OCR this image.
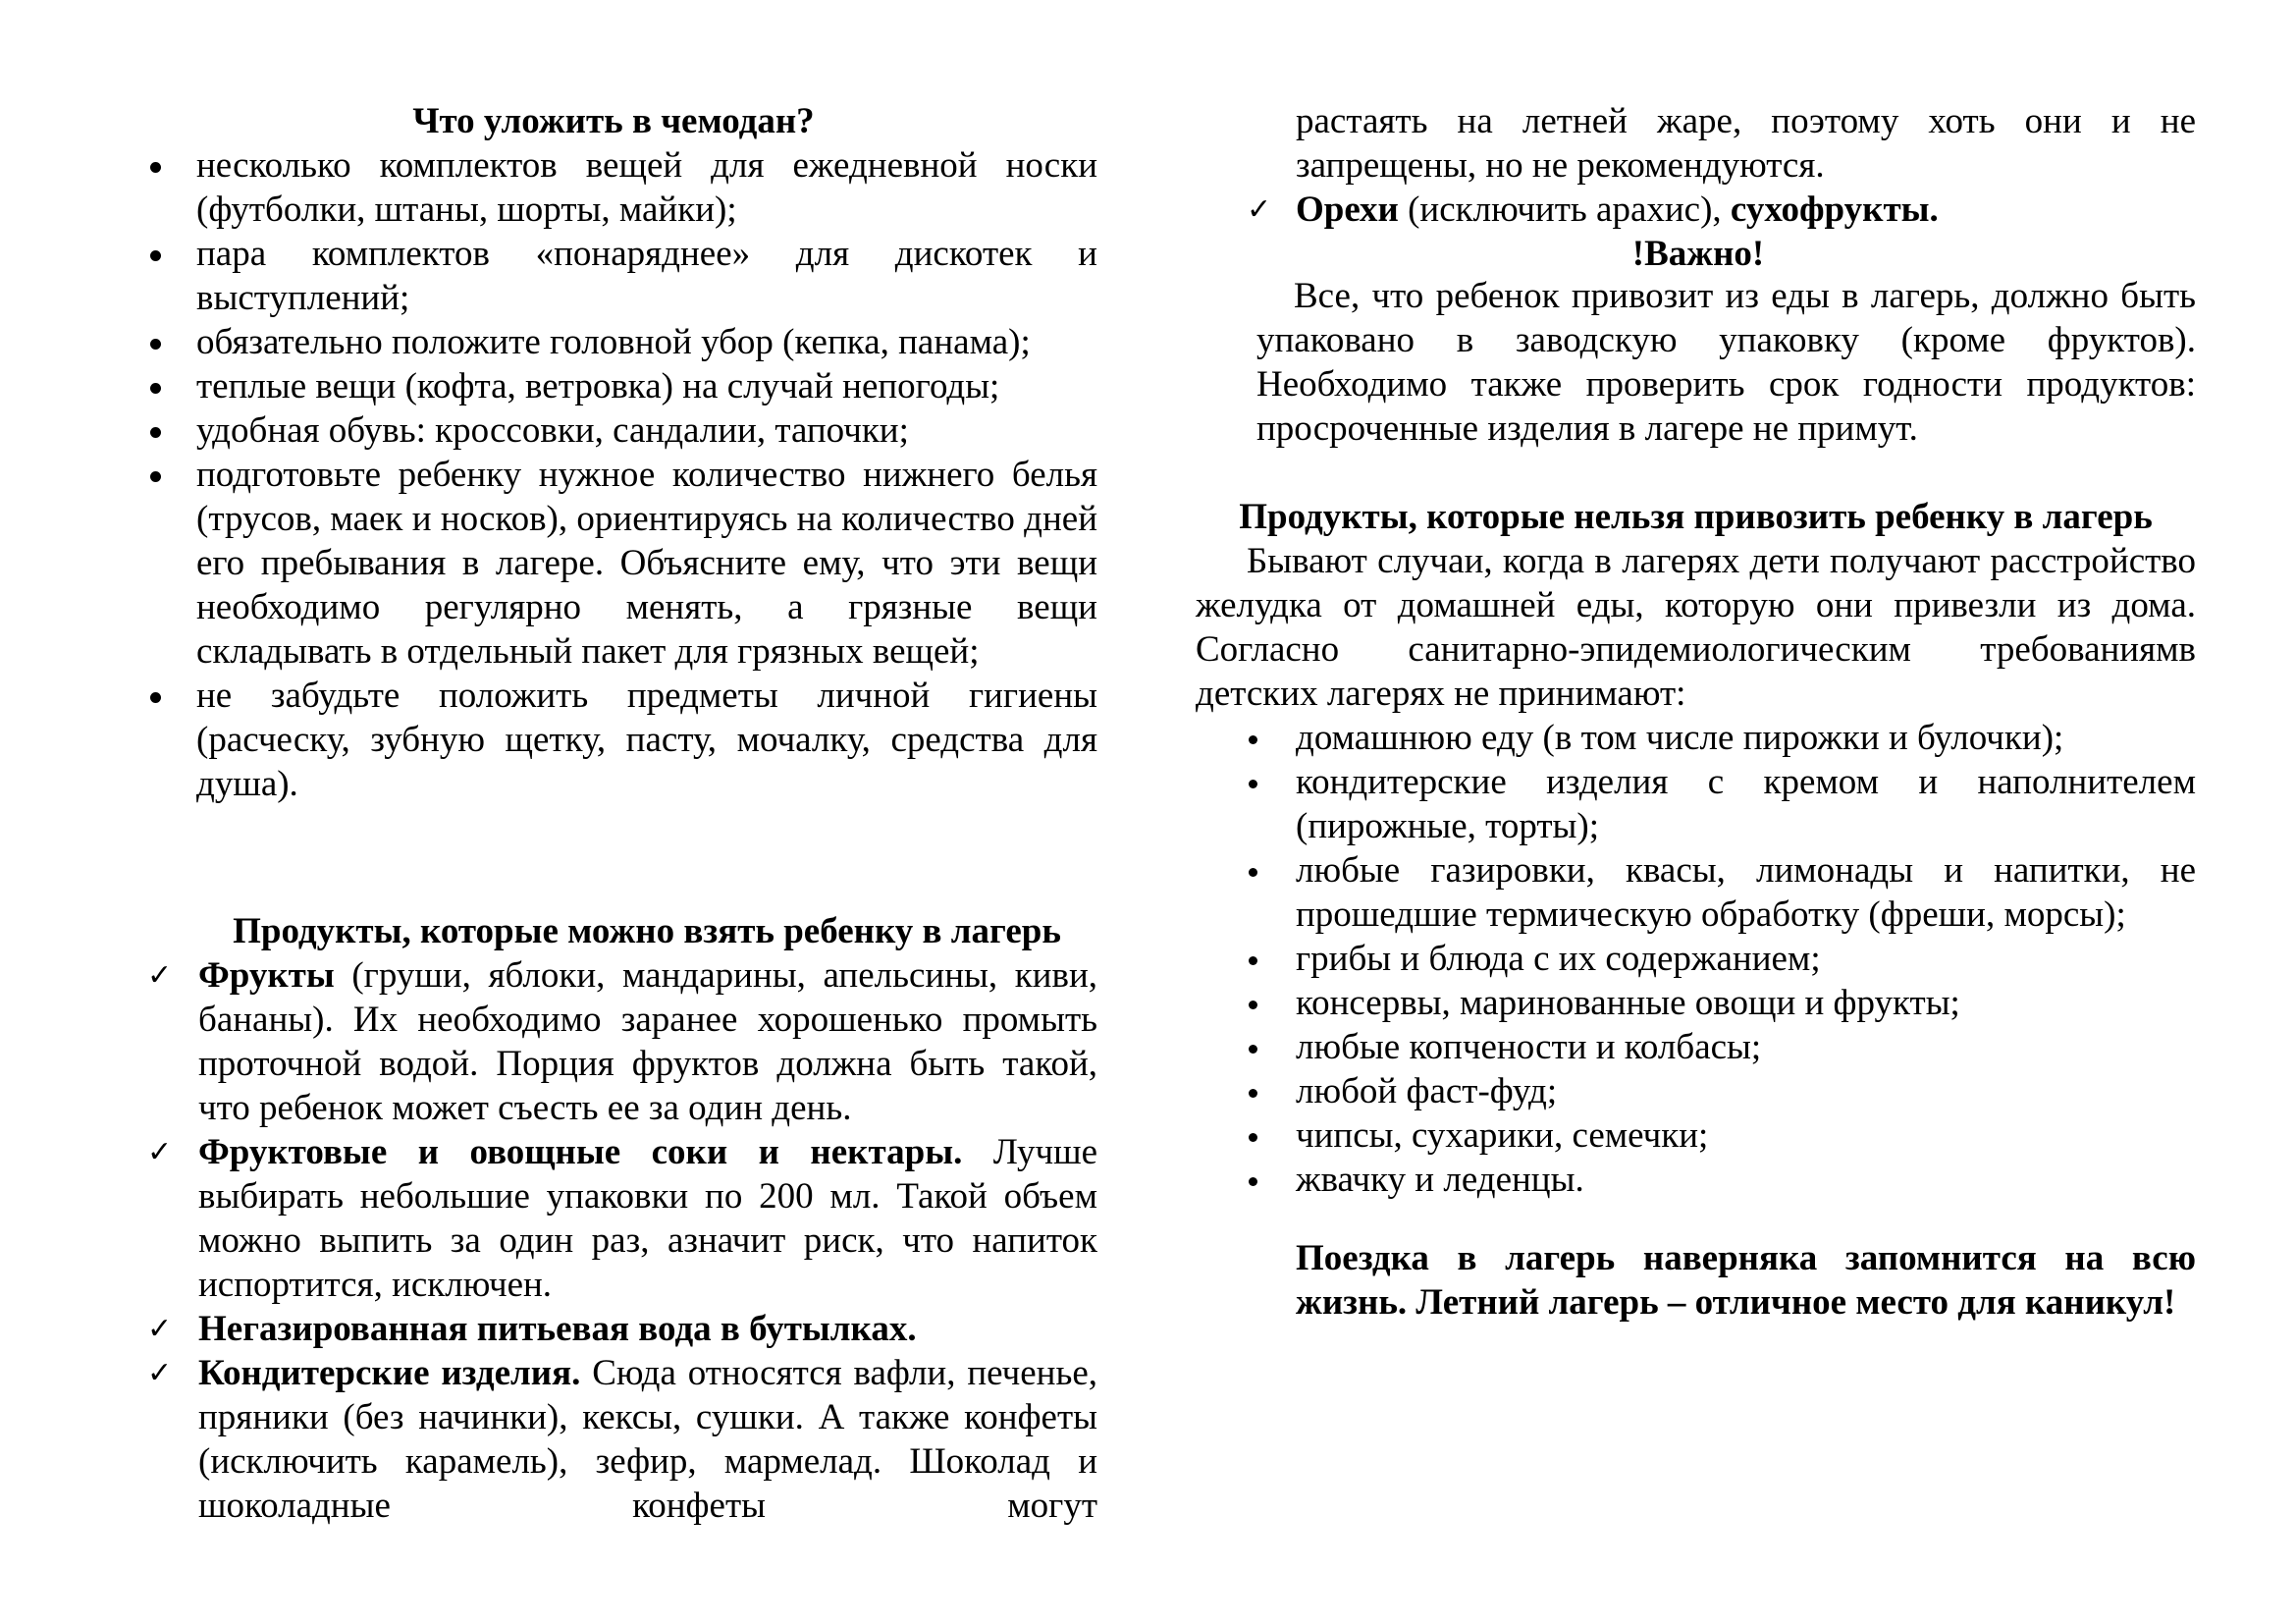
Что уложить в чемодан?
несколько комплектов вещей для ежедневной носки (футболки, штаны, шорты, майки);
пара комплектов «понаряднее» для дискотек и выступлений;
обязательно положите головной убор (кепка, панама);
теплые вещи (кофта, ветровка) на случай непогоды;
удобная обувь: кроссовки, сандалии, тапочки;
подготовьте ребенку нужное количество нижнего белья (трусов, маек и носков), ориентируясь на количество дней его пребывания в лагере. Объясните ему, что эти вещи необходимо регулярно менять, а грязные вещи складывать в отдельный пакет для грязных вещей;
не забудьте положить предметы личной гигиены (расческу, зубную щетку, пасту, мочалку, средства для душа).
Продукты, которые можно взять ребенку в лагерь
✓ Фрукты (груши, яблоки, мандарины, апельсины, киви, бананы). Их необходимо заранее хорошенько промыть проточной водой. Порция фруктов должна быть такой, что ребенок может съесть ее за один день.
✓ Фруктовые и овощные соки и нектары. Лучше выбирать небольшие упаковки по 200 мл. Такой объем можно выпить за один раз, азначит риск, что напиток испортится, исключен.
✓ Негазированная питьевая вода в бутылках.
✓ Кондитерские изделия. Сюда относятся вафли, печенье, пряники (без начинки), кексы, сушки. А также конфеты (исключить карамель), зефир, мармелад. Шоколад и шоколадные конфеты могут

растаять на летней жаре, поэтому хоть они и не запрещены, но не рекомендуются.

✓ Орехи (исключить арахис), сухофрукты.
!Важно!

Все, что ребенок привозит из еды в лагерь, должно быть упаковано в заводскую упаковку (кроме фруктов). Необходимо также проверить срок годности продуктов: просроченные изделия в лагере не примут.

Продукты, которые нельзя привозить ребенку в лагерь

Бывают случаи, когда в лагерях дети получают расстройство желудка от домашней еды, которую они привезли из дома. Согласно санитарно-эпидемиологическим требованиямв детских лагерях не принимают:

домашнюю еду (в том числе пирожки и булочки);
кондитерские изделия с кремом и наполнителем (пирожные, торты);
любые газировки, квасы, лимонады и напитки, не прошедшие термическую обработку (фреши, морсы);
грибы и блюда с их содержанием;
консервы, маринованные овощи и фрукты;
любые копчености и колбасы;
любой фаст-фуд;
чипсы, сухарики, семечки;
жвачку и леденцы.

Поездка в лагерь наверняка запомнится на всю жизнь. Летний лагерь – отличное место для каникул!
